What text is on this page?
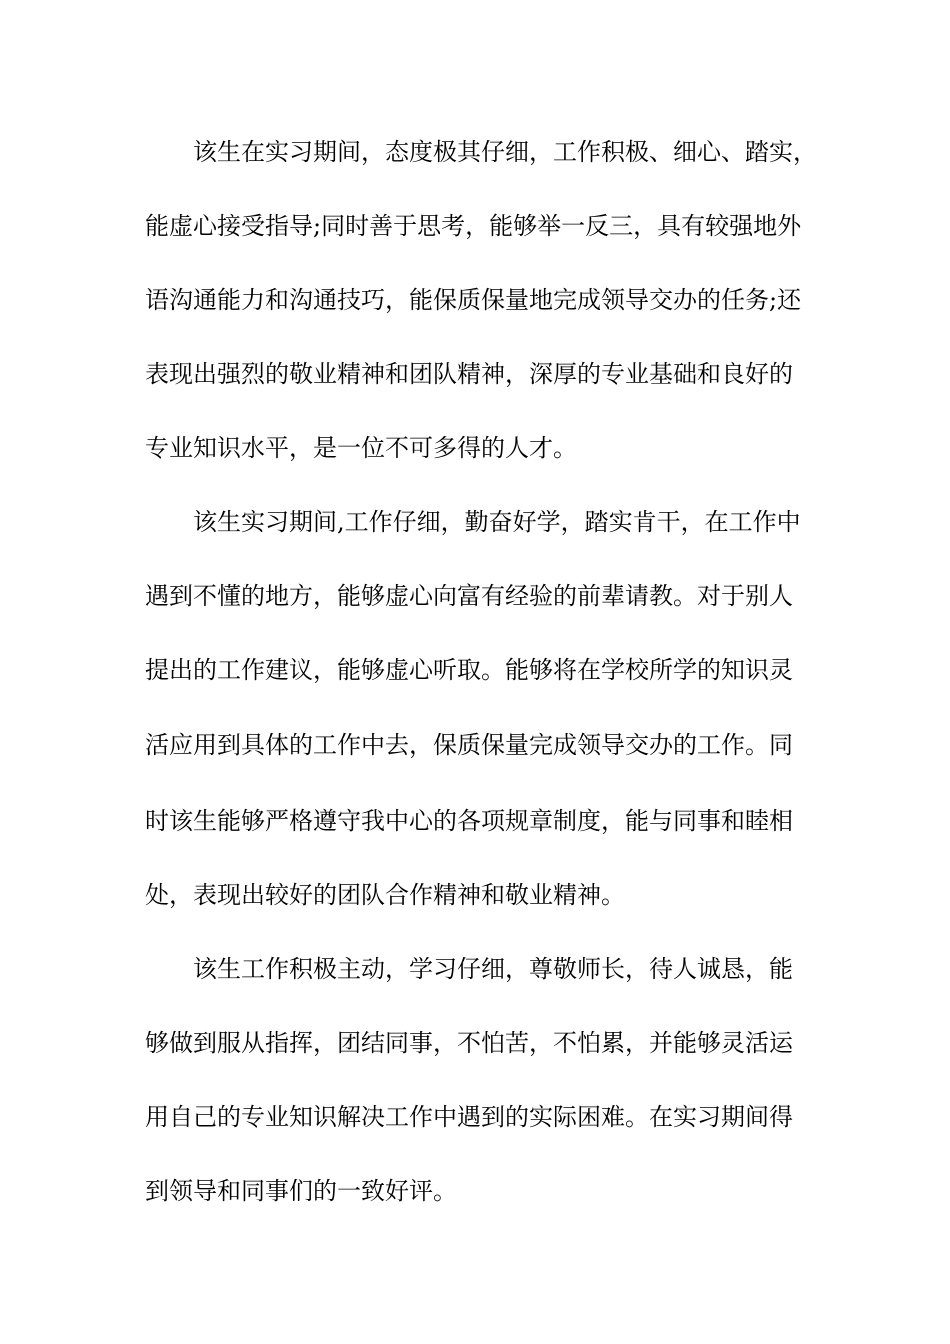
　　该生在实习期间，态度极其仔细，工作积极、细心、踏实，

能虚心接受指导;同时善于思考，能够举一反三，具有较强地外

语沟通能力和沟通技巧，能保质保量地完成领导交办的任务;还

表现出强烈的敬业精神和团队精神，深厚的专业基础和良好的

专业知识水平，是一位不可多得的人才。

　　该生实习期间,工作仔细，勤奋好学，踏实肯干，在工作中

遇到不懂的地方，能够虚心向富有经验的前辈请教。对于别人

提出的工作建议，能够虚心听取。能够将在学校所学的知识灵

活应用到具体的工作中去，保质保量完成领导交办的工作。同

时该生能够严格遵守我中心的各项规章制度，能与同事和睦相

处，表现出较好的团队合作精神和敬业精神。

　　该生工作积极主动，学习仔细，尊敬师长，待人诚恳，能

够做到服从指挥，团结同事，不怕苦，不怕累，并能够灵活运

用自己的专业知识解决工作中遇到的实际困难。在实习期间得

到领导和同事们的一致好评。
